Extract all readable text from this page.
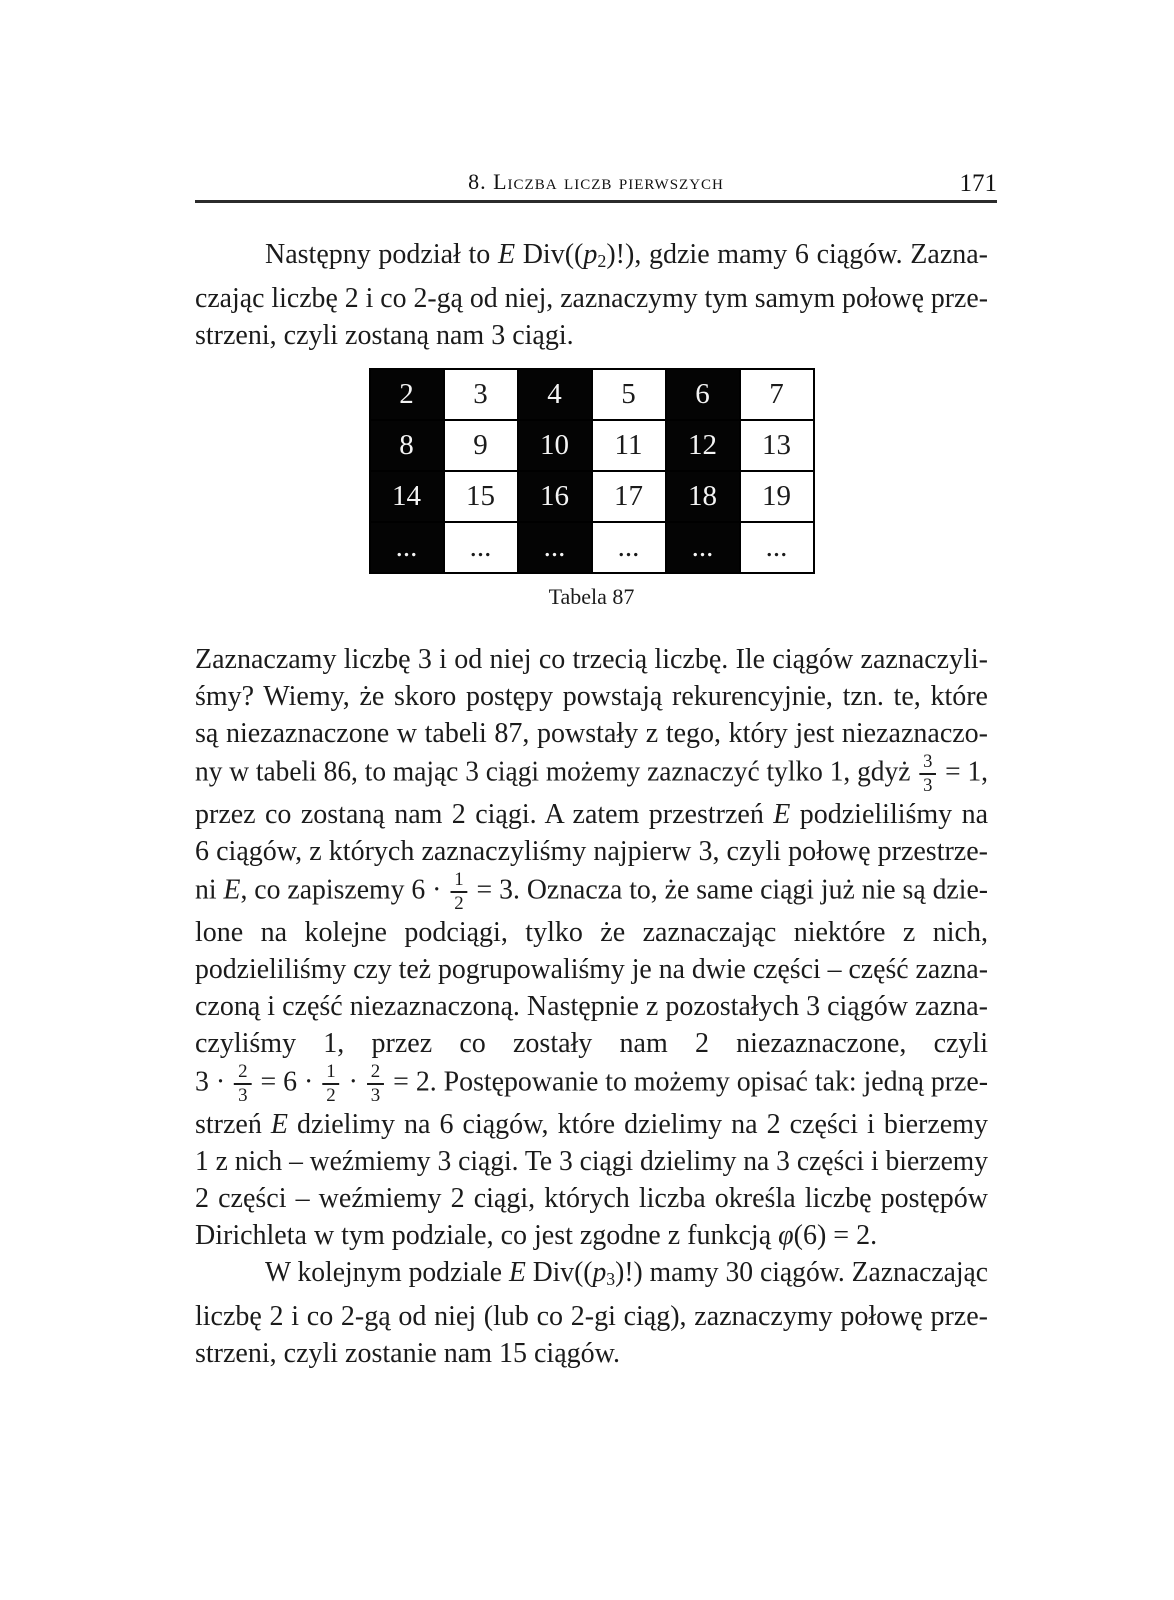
8. Liczba liczb pierwszych	171
Następny podział to E $Div((p_2)!)$, gdzie mamy 6 ciągów. Zazna-
czając liczbę 2 i co 2-gą od niej, zaznaczymy tym samym połowę prze-
strzeni, czyli zostaną nam 3 ciągi.
2	3	4	5	6	7
8	9	10	11	12	13
14	15	16	17	18	19
...	...	...	...	...	...
Tabela 87
Zaznaczamy liczbę 3 i od niej co trzecią liczbę. Ile ciągów zaznaczyli-
śmy? Wiemy, że skoro postępy powstają rekurencyjnie, tzn. te, które
są niezaznaczone w tabeli 87, powstały z tego, który jest niezaznaczo-
ny w tabeli 86, to mając 3 ciągi możemy zaznaczyć tylko 1, gdyż $\frac{3}{3} = 1$,
przez co zostaną nam 2 ciągi. A zatem przestrzeń E podzieliliśmy na
6 ciągów, z których zaznaczyliśmy najpierw 3, czyli połowę przestrze-
ni E, co zapiszemy $6 \cdot \frac{1}{2} = 3$. Oznacza to, że same ciągi już nie są dzie-
lone na kolejne podciągi, tylko że zaznaczając niektóre z nich,
podzieliliśmy czy też pogrupowaliśmy je na dwie części – część zazna-
czoną i część niezaznaczoną. Następnie z pozostałych 3 ciągów zazna-
czyliśmy 1, przez co zostały nam 2 niezaznaczone, czyli
$3 \cdot \frac{2}{3} = 6 \cdot \frac{1}{2} \cdot \frac{2}{3} = 2$. Postępowanie to możemy opisać tak: jedną prze-
strzeń E dzielimy na 6 ciągów, które dzielimy na 2 części i bierzemy
1 z nich – weźmiemy 3 ciągi. Te 3 ciągi dzielimy na 3 części i bierzemy
2 części – weźmiemy 2 ciągi, których liczba określa liczbę postępów
Dirichleta w tym podziale, co jest zgodne z funkcją φ(6) = 2.
W kolejnym podziale E $Div((p_3)!)$ mamy 30 ciągów. Zaznaczając
liczbę 2 i co 2-gą od niej (lub co 2-gi ciąg), zaznaczymy połowę prze-
strzeni, czyli zostanie nam 15 ciągów.
